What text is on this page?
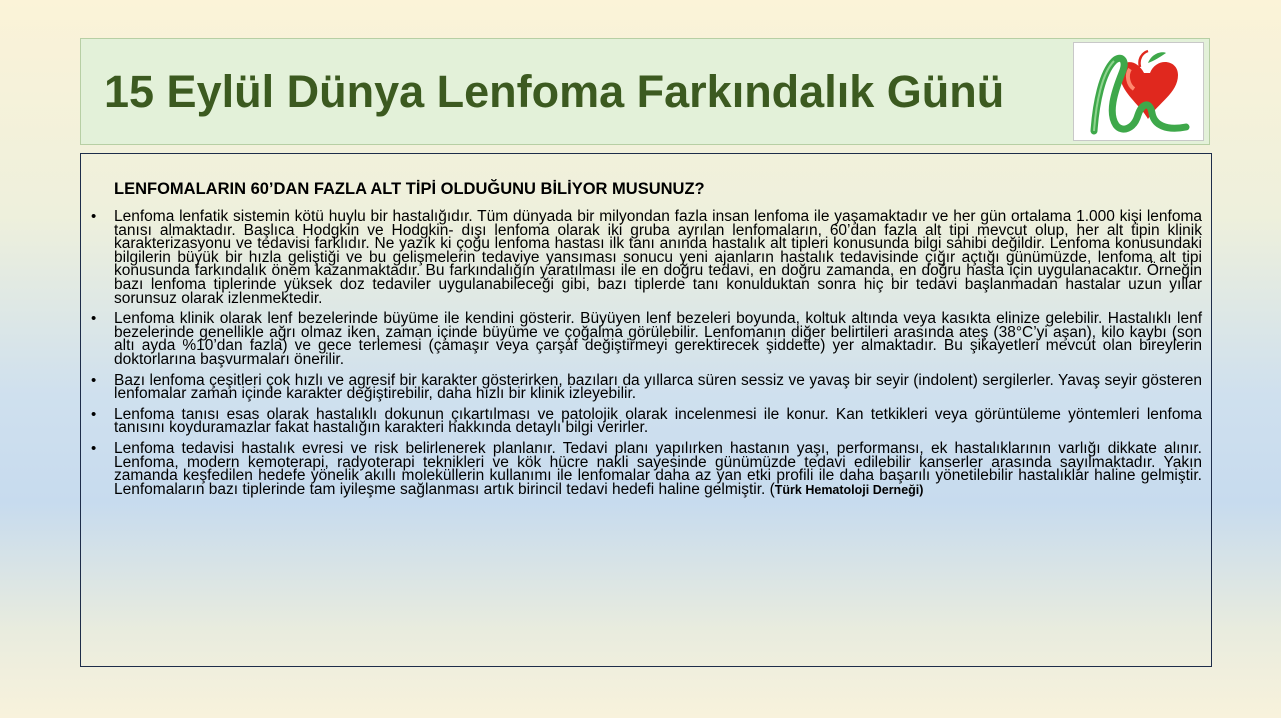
15 Eylül Dünya Lenfoma Farkındalık Günü

LENFOMALARIN 60’DAN FAZLA ALT TİPİ OLDUĞUNU BİLİYOR MUSUNUZ?

• Lenfoma lenfatik sistemin kötü huylu bir hastalığıdır. Tüm dünyada bir milyondan fazla insan lenfoma ile yaşamaktadır ve her gün ortalama 1.000 kişi lenfoma tanısı almaktadır. Başlıca Hodgkin ve Hodgkin- dışı lenfoma olarak iki gruba ayrılan lenfomaların, 60’dan fazla alt tipi mevcut olup, her alt tipin klinik karakterizasyonu ve tedavisi farklıdır. Ne yazık ki çoğu lenfoma hastası ilk tanı anında hastalık alt tipleri konusunda bilgi sahibi değildir. Lenfoma konusundaki bilgilerin büyük bir hızla geliştiği ve bu gelişmelerin tedaviye yansıması sonucu yeni ajanların hastalık tedavisinde çığır açtığı günümüzde, lenfoma alt tipi konusunda farkındalık önem kazanmaktadır. Bu farkındalığın yaratılması ile en doğru tedavi, en doğru zamanda, en doğru hasta için uygulanacaktır. Örneğin bazı lenfoma tiplerinde yüksek doz tedaviler uygulanabileceği gibi, bazı tiplerde tanı konulduktan sonra hiç bir tedavi başlanmadan hastalar uzun yıllar sorunsuz olarak izlenmektedir.
• Lenfoma klinik olarak lenf bezelerinde büyüme ile kendini gösterir. Büyüyen lenf bezeleri boyunda, koltuk altında veya kasıkta elinize gelebilir. Hastalıklı lenf bezelerinde genellikle ağrı olmaz iken, zaman içinde büyüme ve çoğalma görülebilir. Lenfomanın diğer belirtileri arasında ateş (38°C’yi aşan), kilo kaybı (son altı ayda %10’dan fazla) ve gece terlemesi (çamaşır veya çarşaf değiştirmeyi gerektirecek şiddette) yer almaktadır. Bu şikayetleri mevcut olan bireylerin doktorlarına başvurmaları önerilir.
• Bazı lenfoma çeşitleri çok hızlı ve agresif bir karakter gösterirken, bazıları da yıllarca süren sessiz ve yavaş bir seyir (indolent) sergilerler. Yavaş seyir gösteren lenfomalar zaman içinde karakter değiştirebilir, daha hızlı bir klinik izleyebilir.
• Lenfoma tanısı esas olarak hastalıklı dokunun çıkartılması ve patolojik olarak incelenmesi ile konur. Kan tetkikleri veya görüntüleme yöntemleri lenfoma tanısını koyduramazlar fakat hastalığın karakteri hakkında detaylı bilgi verirler.
• Lenfoma tedavisi hastalık evresi ve risk belirlenerek planlanır. Tedavi planı yapılırken hastanın yaşı, performansı, ek hastalıklarının varlığı dikkate alınır. Lenfoma, modern kemoterapi, radyoterapi teknikleri ve kök hücre nakli sayesinde günümüzde tedavi edilebilir kanserler arasında sayılmaktadır. Yakın zamanda keşfedilen hedefe yönelik akıllı moleküllerin kullanımı ile lenfomalar daha az yan etki profili ile daha başarılı yönetilebilir hastalıklar haline gelmiştir. Lenfomaların bazı tiplerinde tam iyileşme sağlanması artık birincil tedavi hedefi haline gelmiştir. (Türk Hematoloji Derneği)
